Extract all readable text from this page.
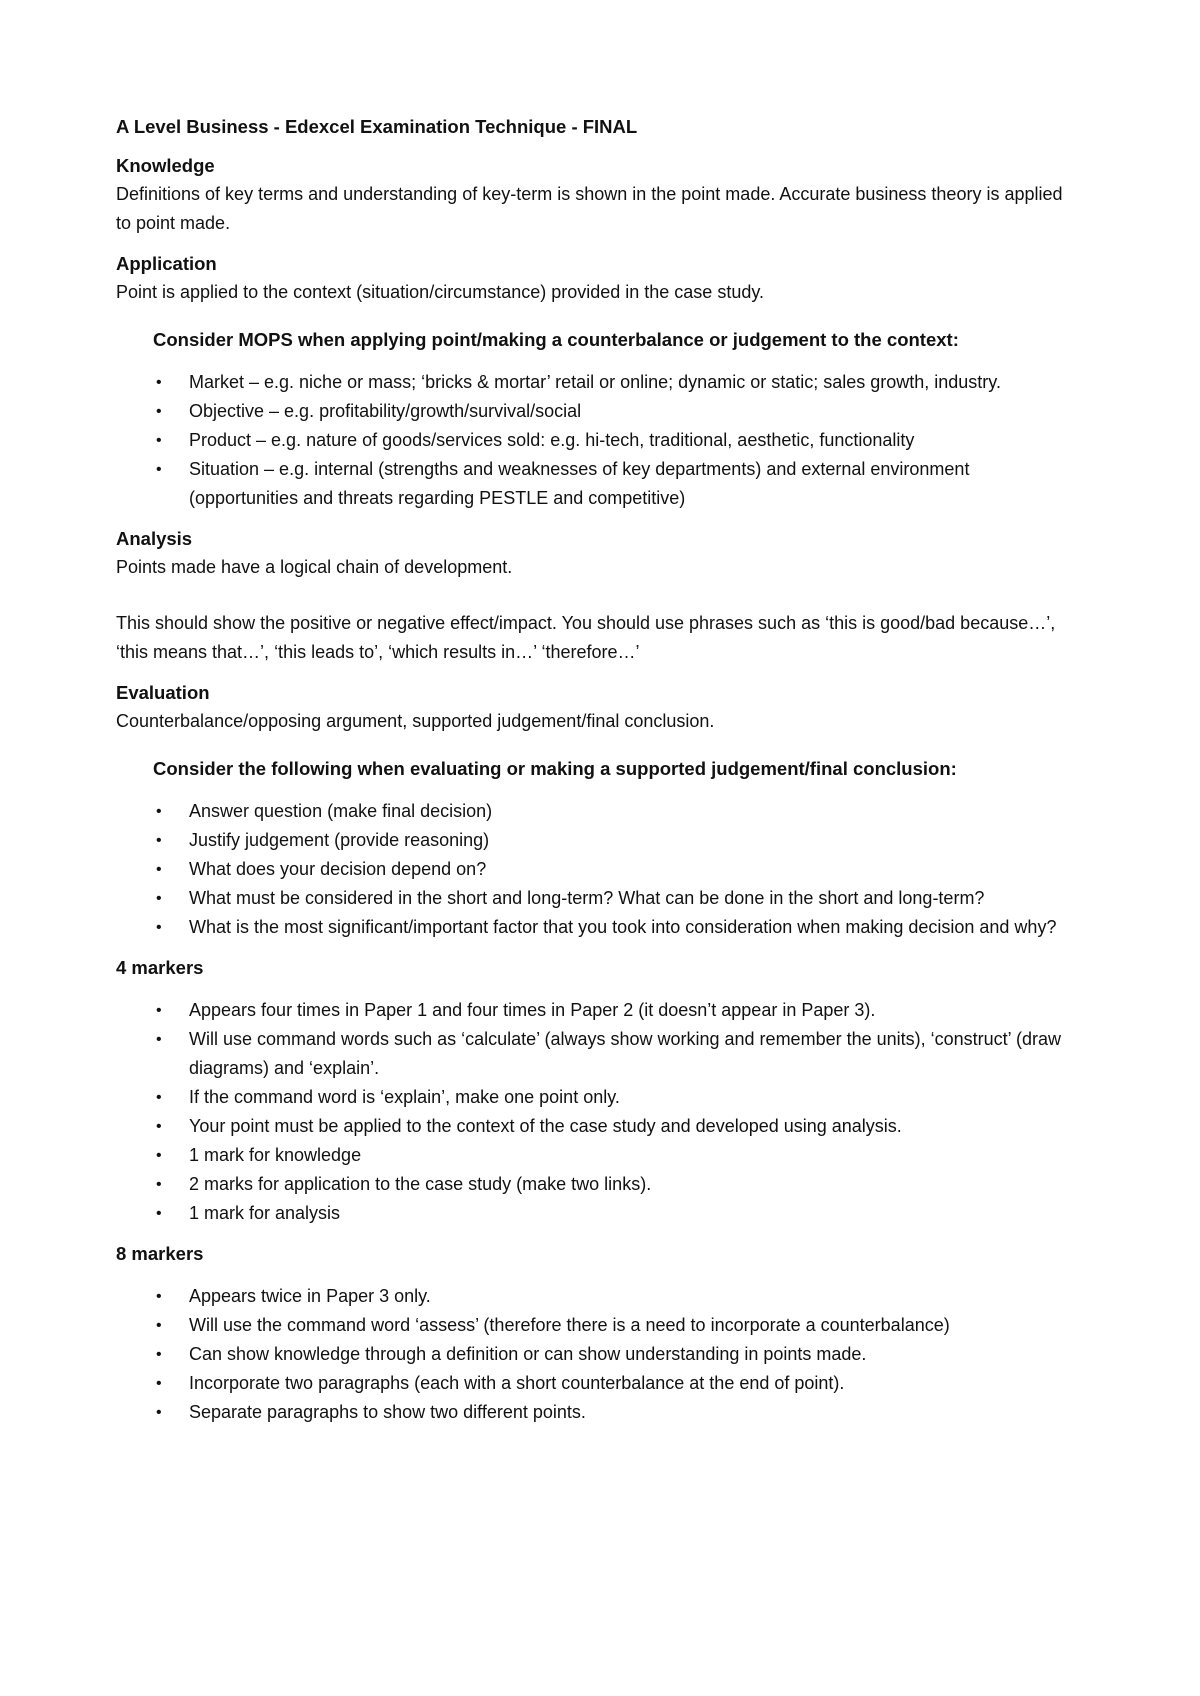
A Level Business - Edexcel Examination Technique - FINAL
Knowledge

Definitions of key terms and understanding of key-term is shown in the point made. Accurate business theory is applied to point made.

Application

Point is applied to the context (situation/circumstance) provided in the case study.

Consider MOPS when applying point/making a counterbalance or judgement to the context:
• Market – e.g. niche or mass; ‘bricks & mortar’ retail or online; dynamic or static; sales growth, industry.
• Objective – e.g. profitability/growth/survival/social
• Product – e.g. nature of goods/services sold: e.g. hi-tech, traditional, aesthetic, functionality
• Situation – e.g. internal (strengths and weaknesses of key departments) and external environment (opportunities and threats regarding PESTLE and competitive)
Analysis

Points made have a logical chain of development.

This should show the positive or negative effect/impact. You should use phrases such as ‘this is good/bad because…’, ‘this means that…’, ‘this leads to’, ‘which results in…’ ‘therefore…’

Evaluation

Counterbalance/opposing argument, supported judgement/final conclusion.

Consider the following when evaluating or making a supported judgement/final conclusion:
• Answer question (make final decision)
• Justify judgement (provide reasoning)
• What does your decision depend on?
• What must be considered in the short and long-term? What can be done in the short and long-term?
• What is the most significant/important factor that you took into consideration when making decision and why?
4 markers
• Appears four times in Paper 1 and four times in Paper 2 (it doesn’t appear in Paper 3).
• Will use command words such as ‘calculate’ (always show working and remember the units), ‘construct’ (draw diagrams) and ‘explain’.
• If the command word is ‘explain’, make one point only.
• Your point must be applied to the context of the case study and developed using analysis.
• 1 mark for knowledge
• 2 marks for application to the case study (make two links).
• 1 mark for analysis
8 markers
• Appears twice in Paper 3 only.
• Will use the command word ‘assess’ (therefore there is a need to incorporate a counterbalance)
• Can show knowledge through a definition or can show understanding in points made.
• Incorporate two paragraphs (each with a short counterbalance at the end of point).
• Separate paragraphs to show two different points.
